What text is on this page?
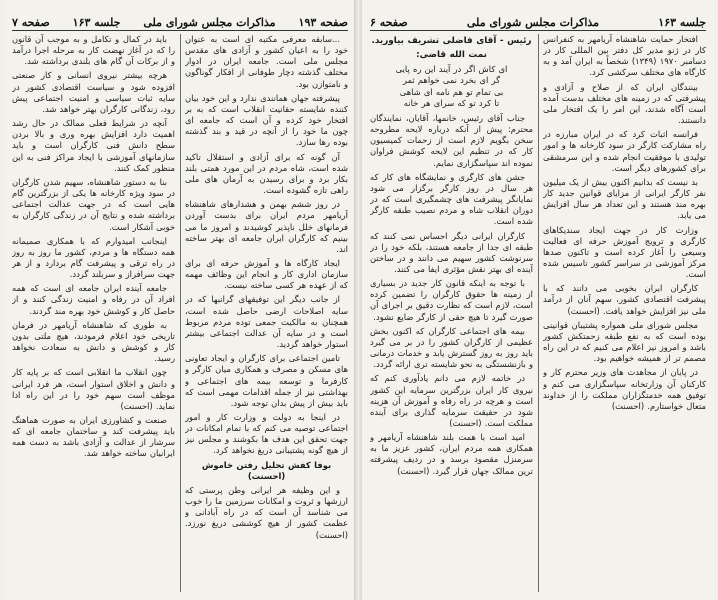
صفحه ۱۹۳
مذاکرات مجلس شورای ملی
جلسه ۱۶۳
صفحه ۷

...سابقه معرفی مکتبه ای است به عنوان خود را به اعیان کشور و آزادی های مقدس مجلس ملی است. جامعه ایران در ادوار مختلف گذشته دچار طوفانی از افکار گوناگون و نامتوازن بود.

پیشرفته جهان همانندی ندارد و این خود بیان کننده شایسته حقانیت انقلاب است که به بر افتخار خود کرده و آن است که جامعه ای چون ما خود را از آنچه در قید و بند گذشته بوده رها سازد.

آن گونه که برای آزادی و استقلال تاکید شده است، شاه مردم در این مورد همتی بلند بکار برد و برای رسیدن به آرمان های ملی راهی تازه گشوده است.

در روز ششم بهمن و هشدارهای شاهنشاه آریامهر مردم ایران برای بدست آوردن فرمانهای خلل ناپذیر کوشیدند و امروز ما می بینیم که کارگران ایران جامعه ای بهتر ساخته اند.

ایجاد کارگاه ها و آموزش حرفه ای برای سازمان اداری کار و انجام این وظائف مهمه که از عهده هر کسی ساخته نیست.

از جانب دیگر این توفیقهای گرانبها که در سایه اصلاحات ارضی حاصل شده است، همچنان به مالکیت جمعی توده مردم مربوط است و در سایه آن عدالت اجتماعی بیشتر استوار خواهد گردید.

تامین اجتماعی برای کارگران و ایجاد تعاونی های مسکن و مصرف و همکاری میان کارگر و کارفرما و توسعه بیمه های اجتماعی و بهداشتی نیز از جمله اقدامات مهمی است که باید بیش از پیش بدان توجه شود.

در اینجا به دولت و وزارت کار و امور اجتماعی توصیه می کنم که با تمام امکانات در جهت تحقق این هدف ها بکوشند و مجلس نیز از هیچ گونه پشتیبانی دریغ نخواهد کرد.

بوفا کفش تحلیل رفتن خاموش (احسنت)

و این وظیفه هر ایرانی وطن پرستی که ارزشها و ثروت و امکانات سرزمین ما را خوب می شناسد آن است که در راه آبادانی و عظمت کشور از هیچ کوششی دریغ نورزد. (احسنت)

باید در کمال و تکامل و به موجب آن قانون را که در آغاز نهضت کار به مرحله اجرا درآمد و از برکات آن گام های بلندی برداشته شد.

هرچه بیشتر نیروی انسانی و کار صنعتی افزوده شود و سیاست اقتصادی کشور در سایه ثبات سیاسی و امنیت اجتماعی پیش رود، زندگانی کارگران بهتر خواهد شد.

آنچه در شرایط فعلی ممالک در حال رشد اهمیت دارد افزایش بهره وری و بالا بردن سطح دانش فنی کارگران است و باید سازمانهای آموزشی با ایجاد مراکز فنی به این منظور کمک کنند.

بنا به دستور شاهنشاه، سهیم شدن کارگران در سود ویژه کارخانه ها یکی از بزرگترین گام هایی است که در جهت عدالت اجتماعی برداشته شده و نتایج آن در زندگی کارگران به خوبی آشکار است.

اینجانب امیدوارم که با همکاری صمیمانه همه دستگاه ها و مردم، کشور ما روز به روز در راه ترقی و پیشرفت گام بردارد و از هر جهت سرافراز و سربلند گردد.

جامعه آینده ایران جامعه ای است که همه افراد آن در رفاه و امنیت زندگی کنند و از حاصل کار و کوشش خود بهره مند گردند.

به طوری که شاهنشاه آریامهر در فرمان تاریخی خود اعلام فرمودند، هیچ ملتی بدون کار و کوشش و دانش به سعادت نخواهد رسید.

چون انقلاب ما انقلابی است که بر پایه کار و دانش و اخلاق استوار است، هر فرد ایرانی موظف است سهم خود را در این راه ادا نماید. (احسنت)

صنعت و کشاورزی ایران به صورت هماهنگ باید پیشرفت کند و ساختمان جامعه ای که سرشار از عدالت و آزادی باشد به دست همه ایرانیان ساخته خواهد شد.

جلسه ۱۶۳
مذاکرات مجلس شورای ملی
صفحه ۶

افتخار حمایت شاهنشاه آریامهر به کنفرانس کار در ژنو مدیر کل دفتر بین المللی کار در دسامبر ۱۹۷۰ (۱۳۴۹) شخصاً به ایران آمد و به کارگاه های مختلف سرکشی کرد.

بینندگان ایران که از صلاح و آزادی و پیشرفتی که در زمینه های مختلف بدست آمده است آگاه شدند، این امر را یک افتخار ملی دانستند.

فرانسه اثبات کرد که در ایران مبارزه در راه مشارکت کارگر در سود کارخانه ها و امور تولیدی با موفقیت انجام شده و این سرمشقی برای کشورهای دیگر است.

بد نیست که بدانیم اکنون بیش از یک میلیون نفر کارگر ایرانی از مزایای قوانین جدید کار بهره مند هستند و این تعداد هر سال افزایش می یابد.

وزارت کار در جهت ایجاد سندیکاهای کارگری و ترویج آموزش حرفه ای فعالیت وسیعی را آغاز کرده است و تاکنون صدها مرکز آموزشی در سراسر کشور تاسیس شده است.

کارگران ایران بخوبی می دانند که با پیشرفت اقتصادی کشور، سهم آنان از درآمد ملی نیز افزایش خواهد یافت. (احسنت)

مجلس شورای ملی همواره پشتیبان قوانینی بوده است که به نفع طبقه زحمتکش کشور باشد و امروز نیز اعلام می کنیم که در این راه مصمم تر از همیشه خواهیم بود.

در پایان از مجاهدت های وزیر محترم کار و کارکنان آن وزارتخانه سپاسگزاری می کنم و توفیق همه خدمتگزاران مملکت را از خداوند متعال خواستارم. (احسنت)

رئیس - آقای فاضلی تشریف بیاورید.
نمت الله قاضی:
ای کاش اگر در آیند این ره پایی
گر ای بخرد نمی خواهم ثمر
بی تمام تو هم نامه ای شاهی
تا کرد تو که سرای هر خانه

جناب آقای رئیس، خانمها، آقایان، نمایندگان محترم: پیش از آنکه درباره لایحه مطروحه سخن بگویم لازم است از زحمات کمیسیون کار که در تنظیم این لایحه کوشش فراوان نموده اند سپاسگزاری نمایم.

جشن های کارگری و نمایشگاه های کار که هر سال در روز کارگر برگزار می شود نمایانگر پیشرفت های چشمگیری است که در دوران انقلاب شاه و مردم نصیب طبقه کارگر شده است.

کارگران ایرانی دیگر احساس نمی کنند که طبقه ای جدا از جامعه هستند، بلکه خود را در سرنوشت کشور سهیم می دانند و در ساختن آینده ای بهتر نقش مؤثری ایفا می کنند.

با توجه به اینکه قانون کار جدید در بسیاری از زمینه ها حقوق کارگران را تضمین کرده است، لازم است که نظارت دقیق بر اجرای آن صورت گیرد تا هیچ حقی از کارگر ضایع نشود.

بیمه های اجتماعی کارگران که اکنون بخش عظیمی از کارگران کشور را در بر می گیرد باید روز به روز گسترش یابد و خدمات درمانی و بازنشستگی به نحو شایسته تری ارائه گردد.

در خاتمه لازم می دانم یادآوری کنم که نیروی کار ایران بزرگترین سرمایه این کشور است و هرچه در راه رفاه و آموزش آن هزینه شود در حقیقت سرمایه گذاری برای آینده مملکت است. (احسنت)

امید است با همت بلند شاهنشاه آریامهر و همکاری همه مردم ایران، کشور عزیز ما به سرمنزل مقصود برسد و در ردیف پیشرفته ترین ممالک جهان قرار گیرد. (احسنت)
